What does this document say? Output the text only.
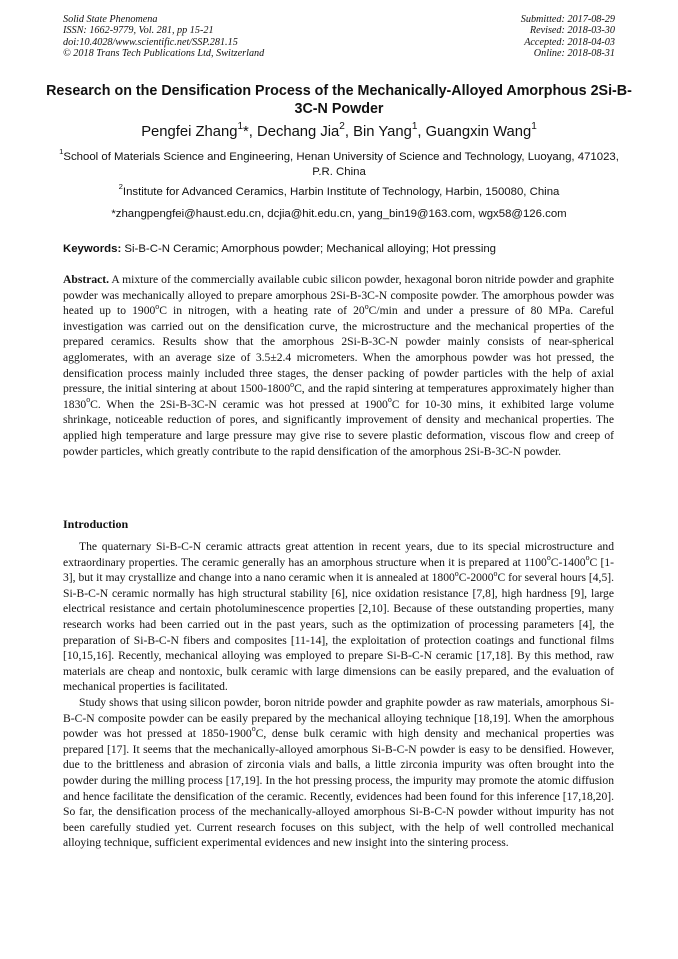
Solid State Phenomena
ISSN: 1662-9779, Vol. 281, pp 15-21
doi:10.4028/www.scientific.net/SSP.281.15
© 2018 Trans Tech Publications Ltd, Switzerland
Submitted: 2017-08-29
Revised: 2018-03-30
Accepted: 2018-04-03
Online: 2018-08-31
Research on the Densification Process of the Mechanically-Alloyed Amorphous 2Si-B-3C-N Powder
Pengfei Zhang$^1$*, Dechang Jia$^2$, Bin Yang$^1$, Guangxin Wang$^1$
$^1$School of Materials Science and Engineering, Henan University of Science and Technology, Luoyang, 471023, P.R. China
$^2$Institute for Advanced Ceramics, Harbin Institute of Technology, Harbin, 150080, China
*zhangpengfei@haust.edu.cn, dcjia@hit.edu.cn, yang_bin19@163.com, wgx58@126.com
Keywords: Si-B-C-N Ceramic; Amorphous powder; Mechanical alloying; Hot pressing
Abstract. A mixture of the commercially available cubic silicon powder, hexagonal boron nitride powder and graphite powder was mechanically alloyed to prepare amorphous 2Si-B-3C-N composite powder. The amorphous powder was heated up to 1900$^o$C in nitrogen, with a heating rate of 20$^o$C/min and under a pressure of 80 MPa. Careful investigation was carried out on the densification curve, the microstructure and the mechanical properties of the prepared ceramics. Results show that the amorphous 2Si-B-3C-N powder mainly consists of near-spherical agglomerates, with an average size of 3.5±2.4 micrometers. When the amorphous powder was hot pressed, the densification process mainly included three stages, the denser packing of powder particles with the help of axial pressure, the initial sintering at about 1500-1800$^o$C, and the rapid sintering at temperatures approximately higher than 1830$^o$C. When the 2Si-B-3C-N ceramic was hot pressed at 1900$^o$C for 10-30 mins, it exhibited large volume shrinkage, noticeable reduction of pores, and significantly improvement of density and mechanical properties. The applied high temperature and large pressure may give rise to severe plastic deformation, viscous flow and creep of powder particles, which greatly contribute to the rapid densification of the amorphous 2Si-B-3C-N powder.
Introduction

The quaternary Si-B-C-N ceramic attracts great attention in recent years, due to its special microstructure and extraordinary properties. The ceramic generally has an amorphous structure when it is prepared at 1100$^o$C-1400$^o$C [1-3], but it may crystallize and change into a nano ceramic when it is annealed at 1800$^o$C-2000$^o$C for several hours [4,5]. Si-B-C-N ceramic normally has high structural stability [6], nice oxidation resistance [7,8], high hardness [9], large electrical resistance and certain photoluminescence properties [2,10]. Because of these outstanding properties, many research works had been carried out in the past years, such as the optimization of processing parameters [4], the preparation of Si-B-C-N fibers and composites [11-14], the exploitation of protection coatings and functional films [10,15,16]. Recently, mechanical alloying was employed to prepare Si-B-C-N ceramic [17,18]. By this method, raw materials are cheap and nontoxic, bulk ceramic with large dimensions can be easily prepared, and the evaluation of mechanical properties is facilitated.

Study shows that using silicon powder, boron nitride powder and graphite powder as raw materials, amorphous Si-B-C-N composite powder can be easily prepared by the mechanical alloying technique [18,19]. When the amorphous powder was hot pressed at 1850-1900$^o$C, dense bulk ceramic with high density and mechanical properties was prepared [17]. It seems that the mechanically-alloyed amorphous Si-B-C-N powder is easy to be densified. However, due to the brittleness and abrasion of zirconia vials and balls, a little zirconia impurity was often brought into the powder during the milling process [17,19]. In the hot pressing process, the impurity may promote the atomic diffusion and hence facilitate the densification of the ceramic. Recently, evidences had been found for this inference [17,18,20]. So far, the densification process of the mechanically-alloyed amorphous Si-B-C-N powder without impurity has not been carefully studied yet. Current research focuses on this subject, with the help of well controlled mechanical alloying technique, sufficient experimental evidences and new insight into the sintering process.
